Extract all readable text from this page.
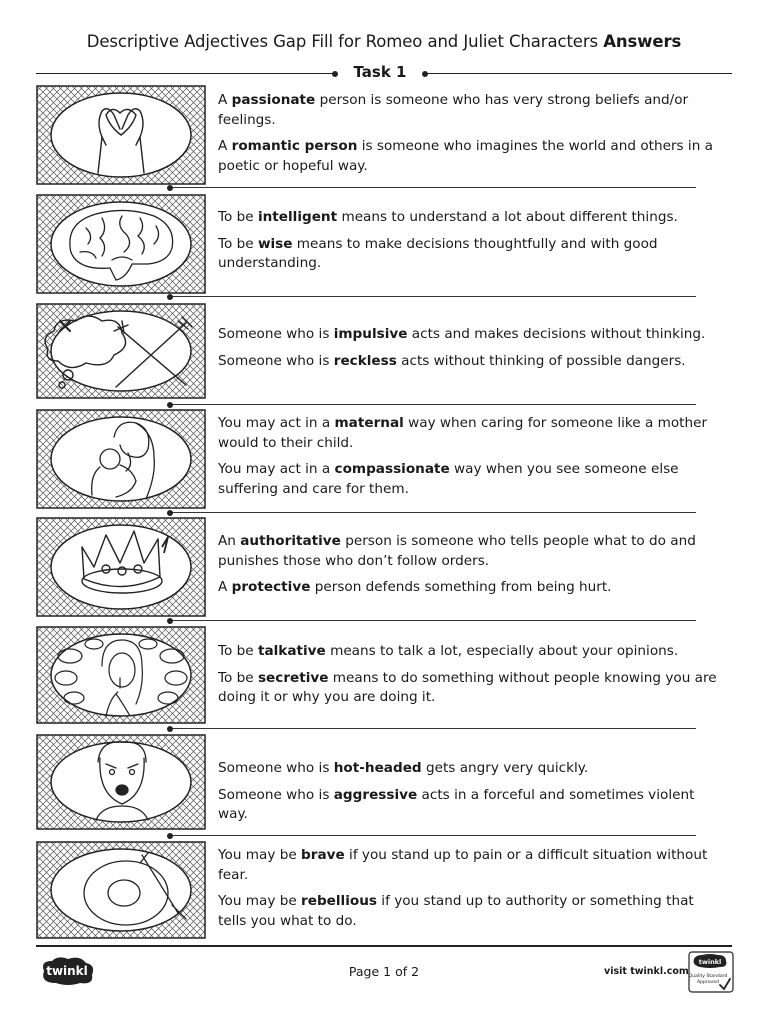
Descriptive Adjectives Gap Fill for Romeo and Juliet Characters Answers
Task 1

A passionate person is someone who has very strong beliefs and/or feelings.

A romantic person is someone who imagines the world and others in a poetic or hopeful way.

To be intelligent means to understand a lot about different things.

To be wise means to make decisions thoughtfully and with good understanding.

Someone who is impulsive acts and makes decisions without thinking.

Someone who is reckless acts without thinking of possible dangers.

You may act in a maternal way when caring for someone like a mother would to their child.

You may act in a compassionate way when you see someone else suffering and care for them.

An authoritative person is someone who tells people what to do and punishes those who don’t follow orders.

A protective person defends something from being hurt.

To be talkative means to talk a lot, especially about your opinions.

To be secretive means to do something without people knowing you are doing it or why you are doing it.

Someone who is hot-headed gets angry very quickly.

Someone who is aggressive acts in a forceful and sometimes violent way.

You may be brave if you stand up to pain or a difficult situation without fear.

You may be rebellious if you stand up to authority or something that tells you what to do.

twinkl	Page 1 of 2	visit twinkl.com
twinkl
Quality Standard
Approved
